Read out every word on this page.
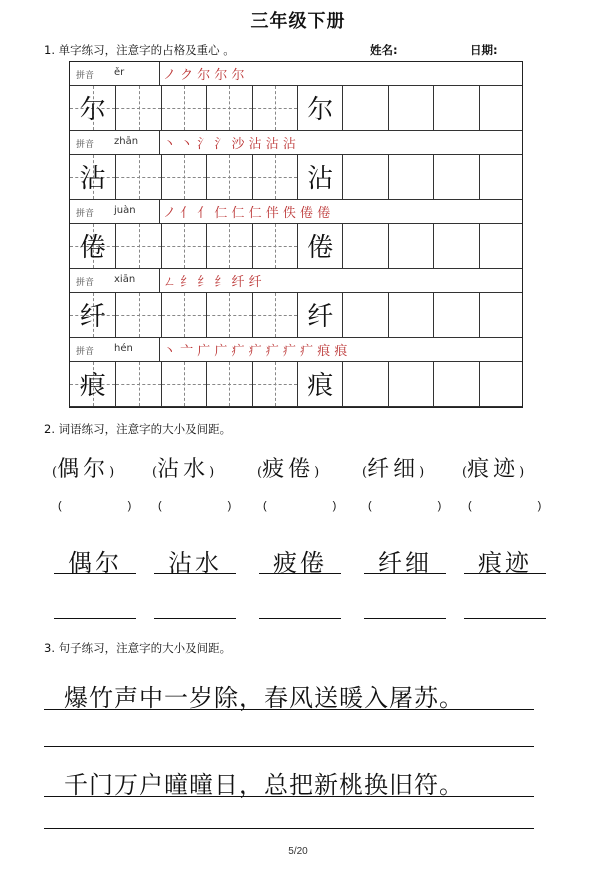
三年级下册
1. 单字练习，注意字的占格及重心 。	姓名:	日期:
拼音 ěr	ノ ク 尔 尔 尔
尔	尔
拼音 zhān 丶 丶 氵 氵 沙 沾 沾 沾
沾	沾
拼音 juàn ノ 亻 亻 仁 仁 仁 伴 佚 倦 倦
倦	倦
拼音 xiān ㄥ 纟 纟 纟 纤 纤
纤	纤
拼音 hén 丶 亠 广 广 疒 疒 疒 疒 疒 痕 痕
痕	痕
2. 词语练习，注意字的大小及间距。
(偶尔)
(	)
偶尔
(沾水)
(	)
沾水
(疲倦)
(	)
疲倦
(纤细)
(	)
纤细
(痕迹)
(	)
痕迹
3. 句子练习，注意字的大小及间距。
爆竹声中一岁除，春风送暖入屠苏。
千门万户曈曈日，总把新桃换旧符。
5/20
